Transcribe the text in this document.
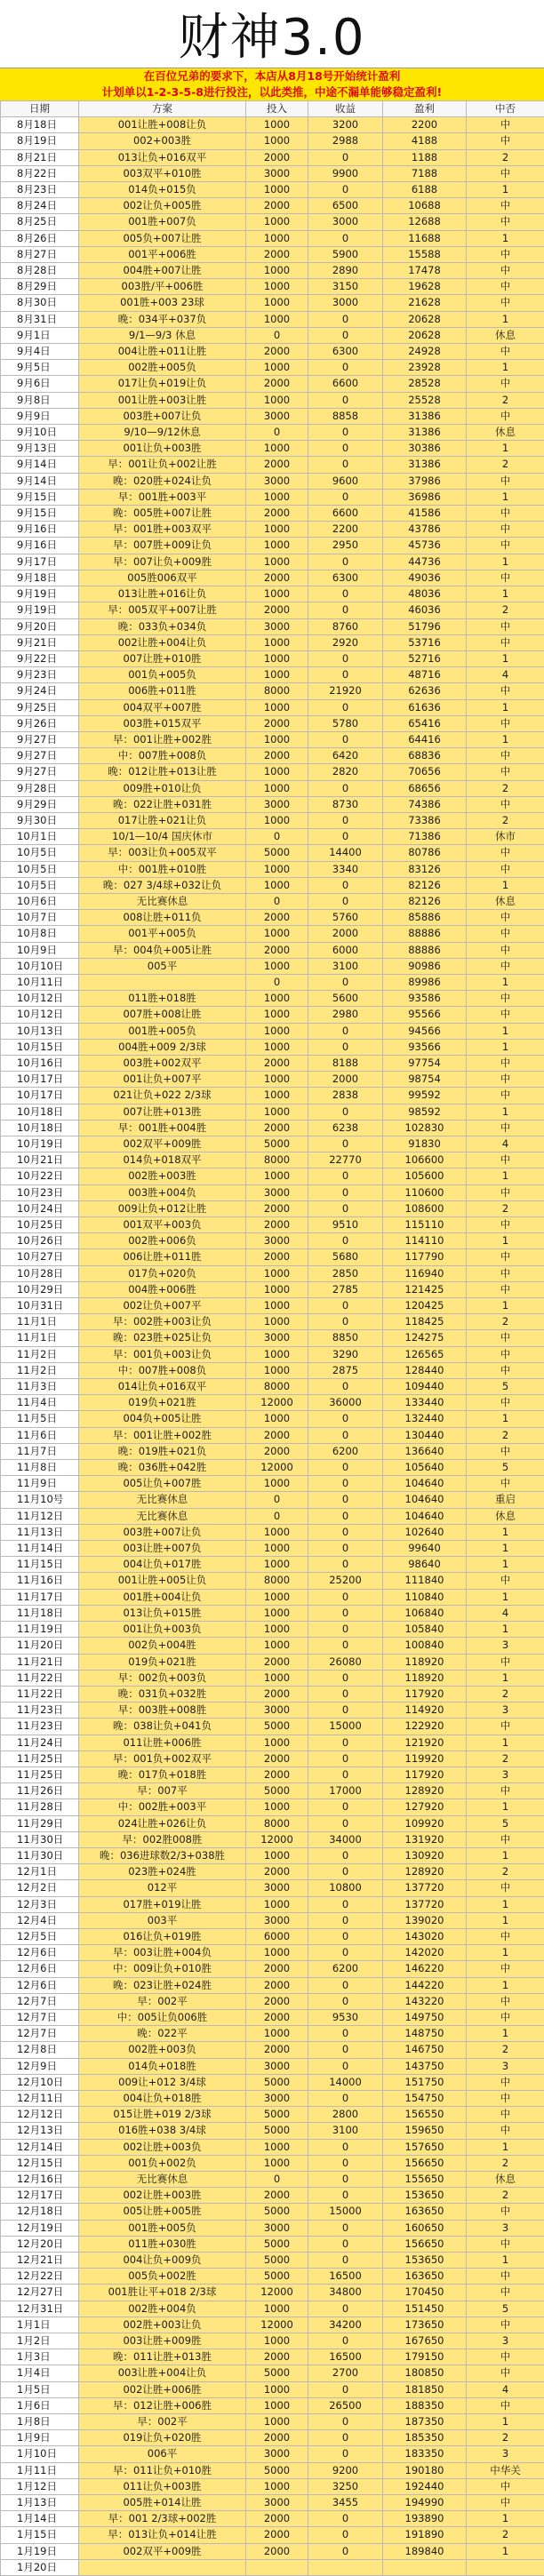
财神3.0
在百位兄弟的要求下，本店从8月18号开始统计盈利
计划单以1-2-3-5-8进行投注，以此类推，中途不漏单能够稳定盈利!
日期	方案	投入	收益	盈利	中否
8月18日	001让胜+008让负	1000	3200	2200	中
8月19日	002+003胜	1000	2988	4188	中
8月21日	013让负+016双平	2000	0	1188	2
8月22日	003双平+010胜	3000	9900	7188	中
8月23日	014负+015负	1000	0	6188	1
8月24日	002让负+005胜	2000	6500	10688	中
8月25日	001胜+007负	1000	3000	12688	中
8月26日	005负+007让胜	1000	0	11688	1
8月27日	001平+006胜	2000	5900	15588	中
8月28日	004胜+007让胜	1000	2890	17478	中
8月29日	003胜/平+006胜	1000	3150	19628	中
8月30日	001胜+003 23球	1000	3000	21628	中
8月31日	晚：034平+037负	1000	0	20628	1
9月1日	9/1—9/3 休息	0	0	20628	休息
9月4日	004让胜+011让胜	2000	6300	24928	中
9月5日	002胜+005负	1000	0	23928	1
9月6日	017让负+019让负	2000	6600	28528	中
9月8日	001让胜+003让胜	1000	0	25528	2
9月9日	003胜+007让负	3000	8858	31386	中
9月10日	9/10—9/12休息	0	0	31386	休息
9月13日	001让负+003胜	1000	0	30386	1
9月14日	早：001让负+002让胜	2000	0	31386	2
9月14日	晚：020胜+024让负	3000	9600	37986	中
9月15日	早：001胜+003平	1000	0	36986	1
9月15日	晚：005胜+007让胜	2000	6600	41586	中
9月16日	早：001胜+003双平	1000	2200	43786	中
9月16日	早：007胜+009让负	1000	2950	45736	中
9月17日	早：007让负+009胜	1000	0	44736	1
9月18日	005胜006双平	2000	6300	49036	中
9月19日	013让胜+016让负	1000	0	48036	1
9月19日	早：005双平+007让胜	2000	0	46036	2
9月20日	晚：033负+034负	3000	8760	51796	中
9月21日	002让胜+004让负	1000	2920	53716	中
9月22日	007让胜+010胜	1000	0	52716	1
9月23日	001负+005负	1000	0	48716	4
9月24日	006胜+011胜	8000	21920	62636	中
9月25日	004双平+007胜	1000	0	61636	1
9月26日	003胜+015双平	2000	5780	65416	中
9月27日	早：001让胜+002胜	1000	0	64416	1
9月27日	中：007胜+008负	2000	6420	68836	中
9月27日	晚：012让胜+013让胜	1000	2820	70656	中
9月28日	009胜+010让负	1000	0	68656	2
9月29日	晚：022让胜+031胜	3000	8730	74386	中
9月30日	017让胜+021让负	1000	0	73386	2
10月1日	10/1—10/4 国庆休市	0	0	71386	休市
10月5日	早：003让负+005双平	5000	14400	80786	中
10月5日	中：001胜+010胜	1000	3340	83126	中
10月5日	晚：027 3/4球+032让负	1000	0	82126	1
10月6日	无比赛休息	0	0	82126	休息
10月7日	008让胜+011负	2000	5760	85886	中
10月8日	001平+005负	1000	2000	88886	中
10月9日	早：004负+005让胜	2000	6000	88886	中
10月10日	005平	1000	3100	90986	中
10月11日		0	0	89986	1
10月12日	011胜+018胜	1000	5600	93586	中
10月12日	007胜+008让胜	1000	2980	95566	中
10月13日	001胜+005负	1000	0	94566	1
10月15日	004胜+009 2/3球	1000	0	93566	1
10月16日	003胜+002双平	2000	8188	97754	中
10月17日	001让负+007平	1000	2000	98754	中
10月17日	021让负+022 2/3球	1000	2838	99592	中
10月18日	007让胜+013胜	1000	0	98592	1
10月18日	早：001胜+004胜	2000	6238	102830	中
10月19日	002双平+009胜	5000	0	91830	4
10月21日	014负+018双平	8000	22770	106600	中
10月22日	002胜+003胜	1000	0	105600	1
10月23日	003胜+004负	3000	0	110600	中
10月24日	009让负+012让胜	2000	0	108600	2
10月25日	001双平+003负	2000	9510	115110	中
10月26日	002胜+006负	3000	0	114110	1
10月27日	006让胜+011胜	2000	5680	117790	中
10月28日	017负+020负	1000	2850	116940	中
10月29日	004胜+006胜	1000	2785	121425	中
10月31日	002让负+007平	1000	0	120425	1
11月1日	早：002胜+003让负	1000	0	118425	2
11月1日	晚：023胜+025让负	3000	8850	124275	中
11月2日	早：001负+003让负	1000	3290	126565	中
11月2日	中：007胜+008负	1000	2875	128440	中
11月3日	014让负+016双平	8000	0	109440	5
11月4日	019负+021胜	12000	36000	133440	中
11月5日	004负+005让胜	1000	0	132440	1
11月6日	早：001让胜+002胜	2000	0	130440	2
11月7日	晚：019胜+021负	2000	6200	136640	中
11月8日	晚：036胜+042胜	12000	0	105640	5
11月9日	005让负+007胜	1000	0	104640	中
11月10号	无比赛休息	0	0	104640	重启
11月12日	无比赛休息	0	0	104640	休息
11月13日	003胜+007让负	1000	0	102640	1
11月14日	003让胜+007负	1000	0	99640	1
11月15日	004让负+017胜	1000	0	98640	1
11月16日	001让胜+005让负	8000	25200	111840	中
11月17日	001胜+004让负	1000	0	110840	1
11月18日	013让负+015胜	1000	0	106840	4
11月19日	001让负+003负	1000	0	105840	1
11月20日	002负+004胜	1000	0	100840	3
11月21日	019负+021胜	2000	26080	118920	中
11月22日	早：002负+003负	1000	0	118920	1
11月22日	晚：031负+032胜	2000	0	117920	2
11月23日	早：003胜+008胜	3000	0	114920	3
11月23日	晚：038让负+041负	5000	15000	122920	中
11月24日	011让胜+006胜	1000	0	121920	1
11月25日	早：001负+002双平	2000	0	119920	2
11月25日	晚：017负+018胜	2000	0	117920	3
11月26日	早：007平	5000	17000	128920	中
11月28日	中：002胜+003平	1000	0	127920	1
11月29日	024让胜+026让负	8000	0	109920	5
11月30日	早：002胜008胜	12000	34000	131920	中
11月30日	晚：036进球数2/3+038胜	1000	0	130920	1
12月1日	023胜+024胜	2000	0	128920	2
12月2日	012平	3000	10800	137720	中
12月3日	017胜+019让胜	1000	0	137720	1
12月4日	003平	3000	0	139020	1
12月5日	016让负+019胜	6000	0	143020	中
12月6日	早：003让胜+004负	1000	0	142020	1
12月6日	中：009让负+010胜	2000	6200	146220	中
12月6日	晚：023让胜+024胜	2000	0	144220	1
12月7日	早：002平	2000	0	143220	中
12月7日	中：005让负006胜	2000	9530	149750	中
12月7日	晚：022平	1000	0	148750	1
12月8日	002胜+003负	2000	0	146750	2
12月9日	014负+018胜	3000	0	143750	3
12月10日	009让+012 3/4球	5000	14000	151750	中
12月11日	004让负+018胜	3000	0	154750	中
12月12日	015让胜+019 2/3球	5000	2800	156550	中
12月13日	016胜+038 3/4球	5000	3100	159650	中
12月14日	002让胜+003负	1000	0	157650	1
12月15日	001负+002负	1000	0	156650	2
12月16日	无比赛休息	0	0	155650	休息
12月17日	002让胜+003胜	2000	0	153650	2
12月18日	005让胜+005胜	5000	15000	163650	中
12月19日	001胜+005负	3000	0	160650	3
12月20日	011胜+030胜	5000	0	156650	中
12月21日	004让负+009负	5000	0	153650	1
12月22日	005负+002胜	5000	16500	163650	中
12月27日	001胜让平+018 2/3球	12000	34800	170450	中
12月31日	002胜+004负	1000	0	151450	5
1月1日	002胜+003让负	12000	34200	173650	中
1月2日	003让胜+009胜	1000	0	167650	3
1月3日	晚：011让胜+013胜	2000	16500	179150	中
1月4日	003让胜+004让负	5000	2700	180850	中
1月5日	002让胜+006胜	1000	0	181850	4
1月6日	早：012让胜+006胜	1000	26500	188350	中
1月8日	早：002平	1000	0	187350	1
1月9日	019让负+020胜	2000	0	185350	2
1月10日	006平	3000	0	183350	3
1月11日	早：011让负+010胜	5000	9200	190180	中华关
1月12日	011让负+003胜	1000	3250	192440	中
1月13日	005胜+014让胜	3000	3455	194990	中
1月14日	早：001 2/3球+002胜	2000	0	193890	1
1月15日	早：013让负+014让胜	2000	0	191890	2
1月19日	002双平+009胜	2000	0	189840	1
1月20日					
